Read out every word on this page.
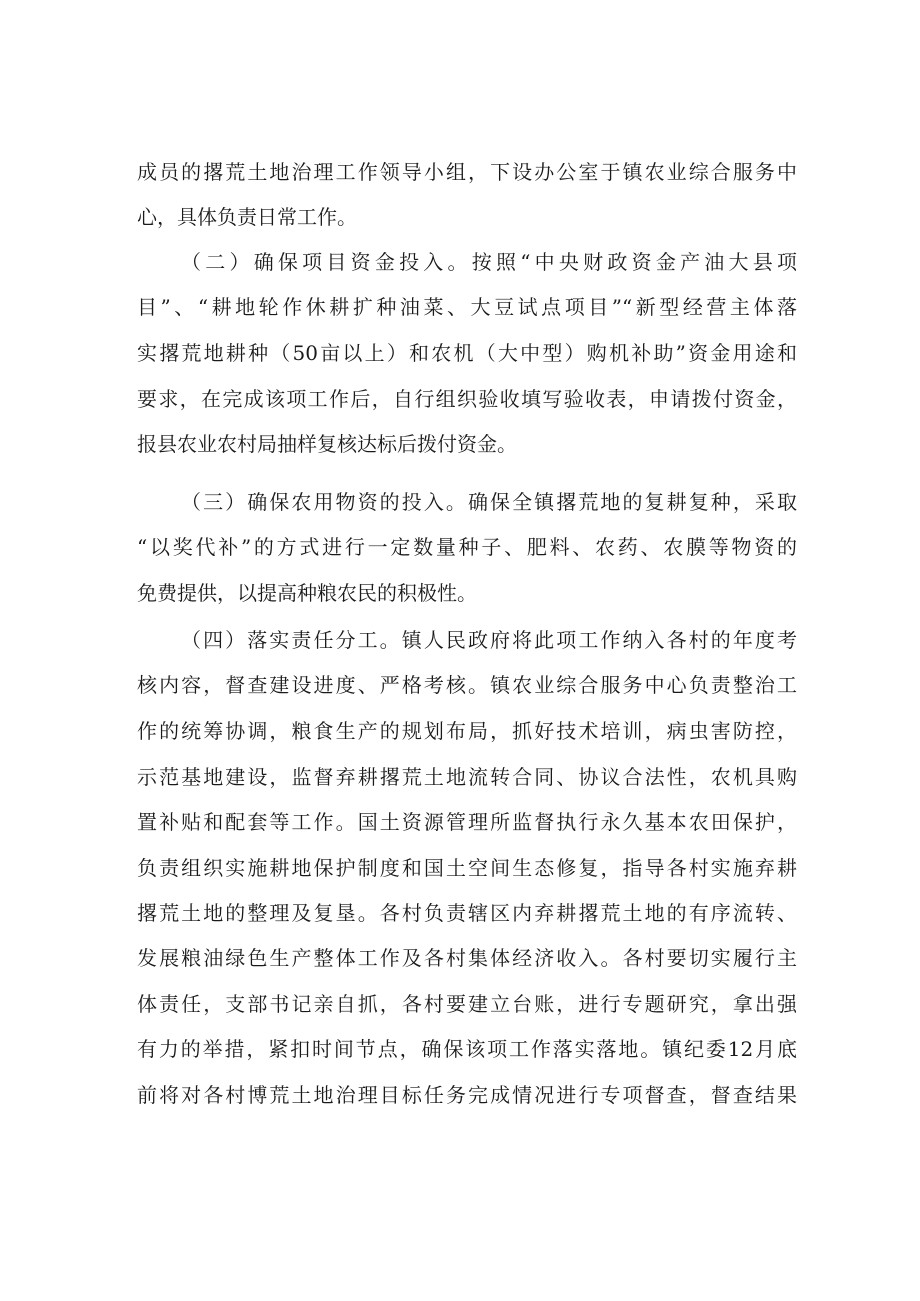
成员的撂荒土地治理工作领导小组，下设办公室于镇农业综合服务中
心，具体负责日常工作。
（二）确保项目资金投入。按照“中央财政资金产油大县项
目”、“耕地轮作休耕扩种油菜、大豆试点项目”“新型经营主体落
实撂荒地耕种（50亩以上）和农机（大中型）购机补助”资金用途和
要求，在完成该项工作后，自行组织验收填写验收表，申请拨付资金，
报县农业农村局抽样复核达标后拨付资金。
（三）确保农用物资的投入。确保全镇撂荒地的复耕复种，采取
“以奖代补”的方式进行一定数量种子、肥料、农药、农膜等物资的
免费提供，以提高种粮农民的积极性。
（四）落实责任分工。镇人民政府将此项工作纳入各村的年度考
核内容，督查建设进度、严格考核。镇农业综合服务中心负责整治工
作的统筹协调，粮食生产的规划布局，抓好技术培训，病虫害防控，
示范基地建设，监督弃耕撂荒土地流转合同、协议合法性，农机具购
置补贴和配套等工作。国土资源管理所监督执行永久基本农田保护，
负责组织实施耕地保护制度和国土空间生态修复，指导各村实施弃耕
撂荒土地的整理及复垦。各村负责辖区内弃耕撂荒土地的有序流转、
发展粮油绿色生产整体工作及各村集体经济收入。各村要切实履行主
体责任，支部书记亲自抓，各村要建立台账，进行专题研究，拿出强
有力的举措，紧扣时间节点，确保该项工作落实落地。镇纪委12月底
前将对各村博荒土地治理目标任务完成情况进行专项督查，督查结果
